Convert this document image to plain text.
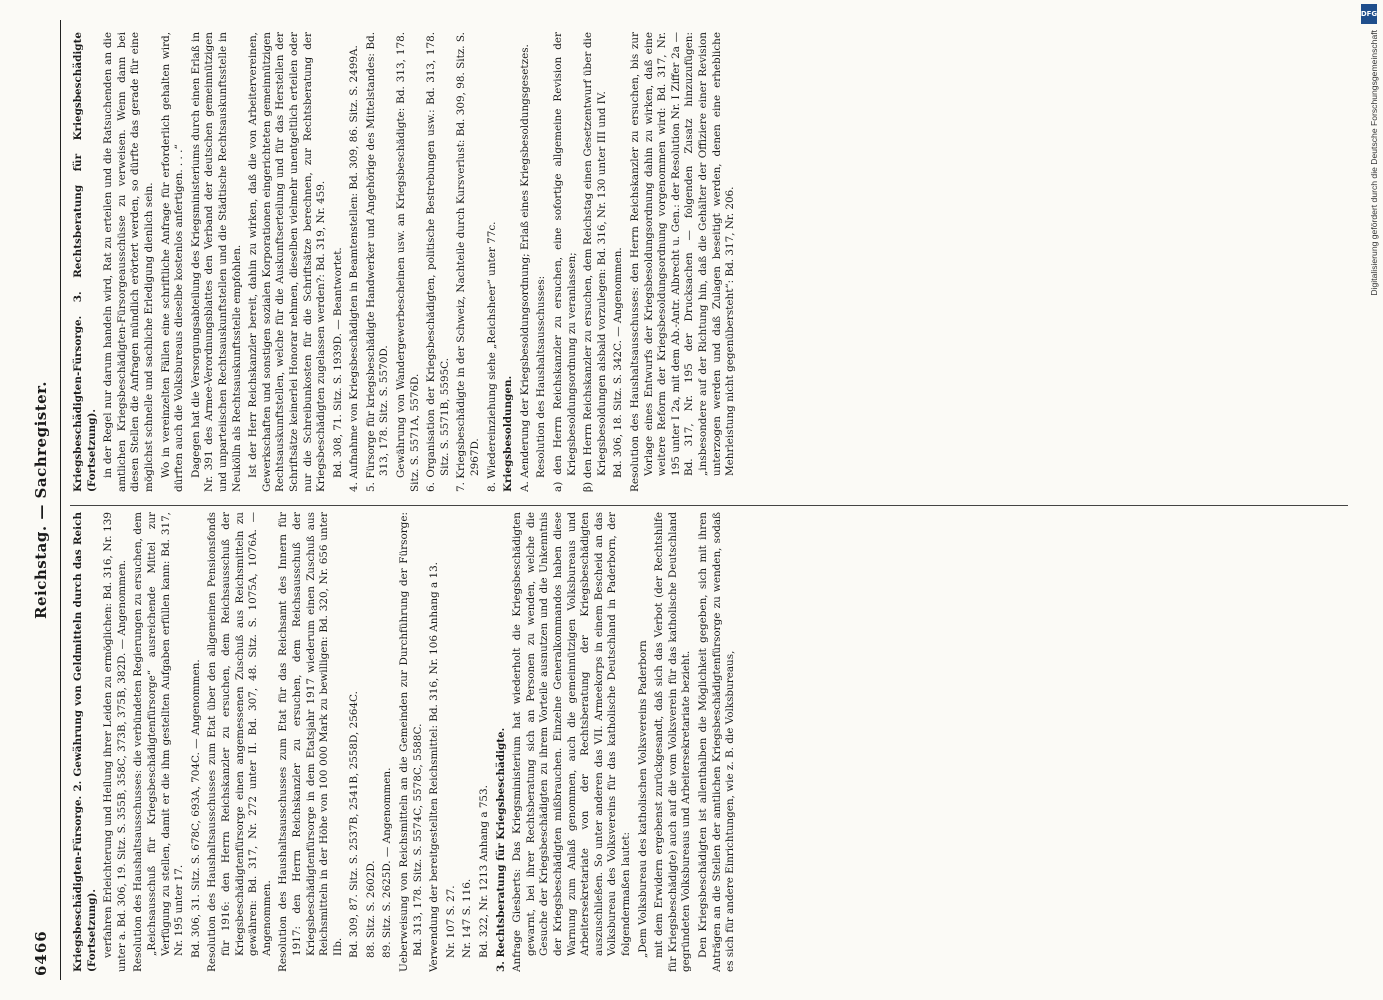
6466
Reichstag. — Sachregister.

Kriegsbeschädigten-Fürsorge. 2. Gewährung von Geldmitteln durch das Reich (Fortsetzung). verfahren Erleichterung und Heilung ihrer Leiden zu ermöglichen: Bd. 316, Nr. 139 unter a. Bd. 306, 19. Sitz. S. 355B, 358C, 373B, 375B, 382D. — Angenommen. Resolution des Haushaltsausschusses: die verbündeten Regierungen zu ersuchen, dem „Reichsausschuß für Kriegsbeschädigtenfürsorge“ ausreichende Mittel zur Verfügung zu stellen, damit er die ihm gestellten Aufgaben erfüllen kann: Bd. 317, Nr. 195 unter 17. Bd. 306, 31. Sitz. S. 678C, 693A, 704C. — Angenommen. Resolution des Haushaltsausschusses zum Etat über den allgemeinen Pensionsfonds für 1916: den Herrn Reichskanzler zu ersuchen, dem Reichsausschuß der Kriegsbeschädigtenfürsorge einen angemessenen Zuschuß aus Reichsmitteln zu gewähren: Bd. 317, Nr. 272 unter II. Bd. 307, 48. Sitz. S. 1075A, 1076A. — Angenommen. Resolution des Haushaltsausschusses zum Etat für das Reichsamt des Innern für 1917: den Herrn Reichskanzler zu ersuchen, dem Reichsausschuß der Kriegsbeschädigtenfürsorge in dem Etatsjahr 1917 wiederum einen Zuschuß aus Reichsmitteln in der Höhe von 100 000 Mark zu bewilligen: Bd. 320, Nr. 656 unter IIb. Bd. 309, 87. Sitz. S. 2537B, 2541B, 2558D, 2564C. 88. Sitz. S. 2602D. 89. Sitz. S. 2625D. — Angenommen. Ueberweisung von Reichsmitteln an die Gemeinden zur Durchführung der Fürsorge: Bd. 313, 178. Sitz. S. 5574C, 5578C, 5588C. Verwendung der bereitgestellten Reichsmittel: Bd. 316, Nr. 106 Anhang a 13. Nr. 107 S. 27. Nr. 147 S. 116. Bd. 322, Nr. 1213 Anhang a 753. 3. Rechtsberatung für Kriegsbeschädigte. Anfrage Giesberts: Das Kriegsministerium hat wiederholt die Kriegsbeschädigten gewarnt, bei ihrer Rechtsberatung sich an Personen zu wenden, welche die Gesuche der Kriegsbeschädigten zu ihrem Vorteile ausnutzen und die Unkenntnis der Kriegsbeschädigten mißbrauchen. Einzelne Generalkommandos haben diese Warnung zum Anlaß genommen, auch die gemeinnützigen Volksbureaus und Arbeitersekretariate von der Rechtsberatung der Kriegsbeschädigten auszuschließen. So unter anderen das VII. Armeekorps in einem Bescheid an das Volksbureau des Volksvereins für das katholische Deutschland in Paderborn, der folgendermaßen lautet: „Dem Volksbureau des katholischen Volksvereins Paderborn mit dem Erwidern ergebenst zurückgesandt, daß sich das Verbot (der Rechtshilfe für Kriegsbeschädigte) auch auf die vom Volksverein für das katholische Deutschland gegründeten Volksbureaus und Arbeitersekretariate bezieht. Den Kriegsbeschädigten ist allenthalben die Möglichkeit gegeben, sich mit ihren Anträgen an die Stellen der amtlichen Kriegsbeschädigtenfürsorge zu wenden, sodaß es sich für andere Einrichtungen, wie z. B. die Volksbureaus,

Kriegsbeschädigten-Fürsorge. 3. Rechtsberatung für Kriegsbeschädigte (Fortsetzung). in der Regel nur darum handeln wird, Rat zu erteilen und die Ratsuchenden an die amtlichen Kriegsbeschädigten-Fürsorgeausschüsse zu verweisen. Wenn dann bei diesen Stellen die Anfragen mündlich erörtert werden, so dürfte das gerade für eine möglichst schnelle und sachliche Erledigung dienlich sein. Wo in vereinzelten Fällen eine schriftliche Anfrage für erforderlich gehalten wird, dürften auch die Volksbureaus dieselbe kostenlos anfertigen. . . .“ Dagegen hat die Versorgungsabteilung des Kriegsministeriums durch einen Erlaß in Nr. 391 des Armee-Verordnungsblattes den Verband der deutschen gemeinnützigen und unparteiischen Rechtsauskunftstellen und die Städtische Rechtsauskunftsstelle in Neukölln als Rechtsauskunftsstelle empfohlen. Ist der Herr Reichskanzler bereit, dahin zu wirken, daß die von Arbeitervereinen, Gewerkschaften und sonstigen sozialen Korporationen eingerichteten gemeinnützigen Rechtsauskunftstellen, welche für die Auskunftserteilung und für das Herstellen der Schriftsätze keinerlei Honorar nehmen, dieselben vielmehr unentgeltlich erteilen oder nur die Schreibunkosten für die Schriftsätze berechnen, zur Rechtsberatung der Kriegsbeschädigten zugelassen werden?: Bd. 319, Nr. 459. Bd. 308, 71. Sitz. S. 1939D. — Beantwortet. 4. Aufnahme von Kriegsbeschädigten in Beamtenstellen: Bd. 309, 86. Sitz. S. 2499A. 5. Fürsorge für kriegsbeschädigte Handwerker und Angehörige des Mittelstandes: Bd. 313, 178. Sitz. S. 5570D. Gewährung von Wandergewerbescheinen usw. an Kriegsbeschädigte: Bd. 313, 178. Sitz. S. 5571A, 5576D. 6. Organisation der Kriegsbeschädigten, politische Bestrebungen usw.: Bd. 313, 178. Sitz. S. 5571B, 5595C. 7. Kriegsbeschädigte in der Schweiz, Nachteile durch Kursverlust: Bd. 309, 98. Sitz. S. 2967D. 8. Wiedereinziehung siehe „Reichsheer“ unter 77c. Kriegsbesoldungen. A. Aenderung der Kriegsbesoldungsordnung; Erlaß eines Kriegsbesoldungsgesetzes. Resolution des Haushaltsausschusses: a) den Herrn Reichskanzler zu ersuchen, eine sofortige allgemeine Revision der Kriegsbesoldungsordnung zu veranlassen; β) den Herrn Reichskanzler zu ersuchen, dem Reichstag einen Gesetzentwurf über die Kriegsbesoldungen alsbald vorzulegen: Bd. 316, Nr. 130 unter III und IV. Bd. 306, 18. Sitz. S. 342C. — Angenommen. Resolution des Haushaltsausschusses: den Herrn Reichskanzler zu ersuchen, bis zur Vorlage eines Entwurfs der Kriegsbesoldungsordnung dahin zu wirken, daß eine weitere Reform der Kriegsbesoldungsordnung vorgenommen wird: Bd. 317, Nr. 195 unter I 2a, mit dem Ab.-Antr. Albrecht u. Gen.: der Resolution Nr. I Ziffer 2a — Bd. 317, Nr. 195 der Drucksachen — folgenden Zusatz hinzuzufügen: „insbesondere auf der Richtung hin, daß die Gehälter der Offiziere einer Revision unterzogen werden und daß Zulagen beseitigt werden, denen eine erhebliche Mehrleistung nicht gegenübersteht“: Bd. 317, Nr. 206.

DFG
Digitalisierung gefördert durch die Deutsche Forschungsgemeinschaft
